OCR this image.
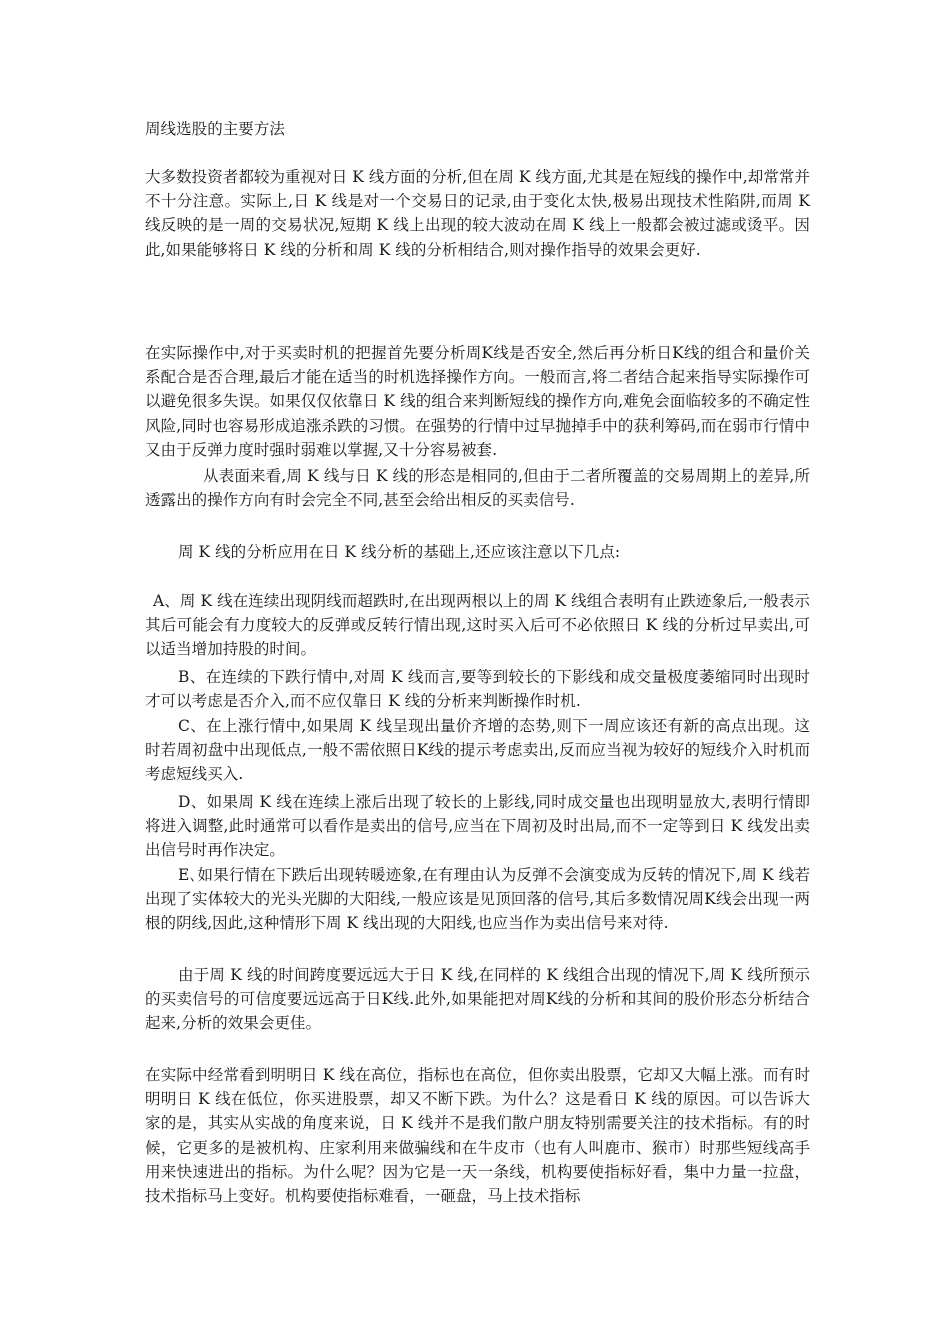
周线选股的主要方法

大多数投资者都较为重视对日 K 线方面的分析,但在周 K 线方面,尤其是在短线的操作中,却常常并不十分注意。实际上,日 K 线是对一个交易日的记录,由于变化太快,极易出现技术性陷阱,而周 K 线反映的是一周的交易状况,短期 K 线上出现的较大波动在周 K 线上一般都会被过滤或烫平。因此,如果能够将日 K 线的分析和周 K 线的分析相结合,则对操作指导的效果会更好.

在实际操作中,对于买卖时机的把握首先要分析周K线是否安全,然后再分析日K线的组合和量价关系配合是否合理,最后才能在适当的时机选择操作方向。一般而言,将二者结合起来指导实际操作可以避免很多失误。如果仅仅依靠日 K 线的组合来判断短线的操作方向,难免会面临较多的不确定性风险,同时也容易形成追涨杀跌的习惯。在强势的行情中过早抛掉手中的获利筹码,而在弱市行情中又由于反弹力度时强时弱难以掌握,又十分容易被套.

从表面来看,周 K 线与日 K 线的形态是相同的,但由于二者所覆盖的交易周期上的差异,所透露出的操作方向有时会完全不同,甚至会给出相反的买卖信号.

周 K 线的分析应用在日 K 线分析的基础上,还应该注意以下几点:

A、周 K 线在连续出现阴线而超跌时,在出现两根以上的周 K 线组合表明有止跌迹象后,一般表示其后可能会有力度较大的反弹或反转行情出现,这时买入后可不必依照日 K 线的分析过早卖出,可以适当增加持股的时间。

B、在连续的下跌行情中,对周 K 线而言,要等到较长的下影线和成交量极度萎缩同时出现时才可以考虑是否介入,而不应仅靠日 K 线的分析来判断操作时机.

C、在上涨行情中,如果周 K 线呈现出量价齐增的态势,则下一周应该还有新的高点出现。这时若周初盘中出现低点,一般不需依照日K线的提示考虑卖出,反而应当视为较好的短线介入时机而考虑短线买入.

D、如果周 K 线在连续上涨后出现了较长的上影线,同时成交量也出现明显放大,表明行情即将进入调整,此时通常可以看作是卖出的信号,应当在下周初及时出局,而不一定等到日 K 线发出卖出信号时再作决定。

E､如果行情在下跌后出现转暖迹象,在有理由认为反弹不会演变成为反转的情况下,周 K 线若出现了实体较大的光头光脚的大阳线,一般应该是见顶回落的信号,其后多数情况周K线会出现一两根的阴线,因此,这种情形下周 K 线出现的大阳线,也应当作为卖出信号来对待.

由于周 K 线的时间跨度要远远大于日 K 线,在同样的 K 线组合出现的情况下,周 K 线所预示的买卖信号的可信度要远远高于日K线.此外,如果能把对周K线的分析和其间的股价形态分析结合起来,分析的效果会更佳。

在实际中经常看到明明日 K 线在高位，指标也在高位，但你卖出股票，它却又大幅上涨。而有时明明日 K 线在低位，你买进股票，却又不断下跌。为什么？这是看日 K 线的原因。可以告诉大家的是，其实从实战的角度来说，日 K 线并不是我们散户朋友特别需要关注的技术指标。有的时候，它更多的是被机构、庄家利用来做骗线和在牛皮市（也有人叫鹿市、猴市）时那些短线高手用来快速进出的指标。为什么呢？因为它是一天一条线，机构要使指标好看，集中力量一拉盘，技术指标马上变好。机构要使指标难看，一砸盘，马上技术指标
